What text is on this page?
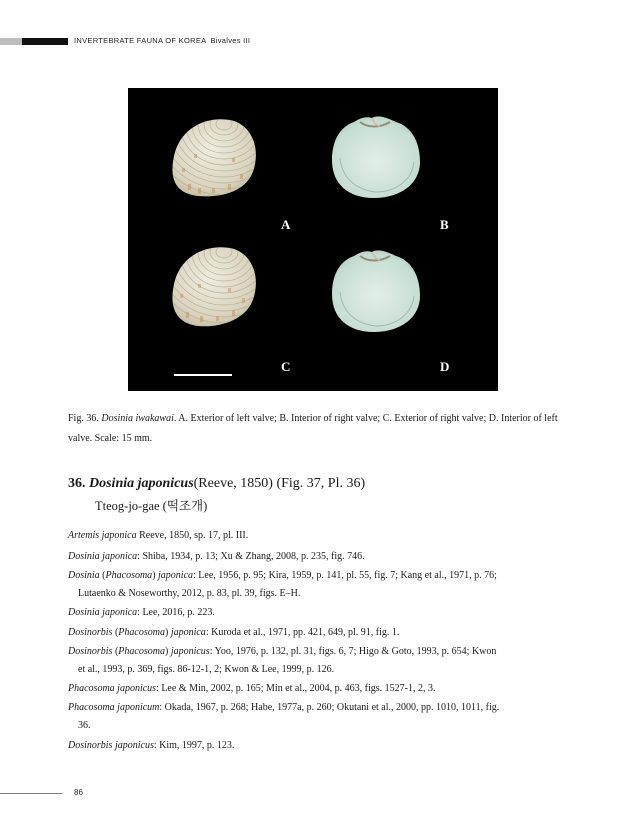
INVERTEBRATE FAUNA OF KOREA Bivalves III
A	B
C	D
Fig. 36. Dosinia iwakawai. A. Exterior of left valve; B. Interior of right valve; C. Exterior of right valve; D. Interior of left valve. Scale: 15 mm.
36. Dosinia japonicus(Reeve, 1850) (Fig. 37, Pl. 36)
Tteog-jo-gae (떡조개)
Artemis japonica Reeve, 1850, sp. 17, pl. III.
Dosinia japonica: Shiba, 1934, p. 13; Xu & Zhang, 2008, p. 235, fig. 746.
Dosinia (Phacosoma) japonica: Lee, 1956, p. 95; Kira, 1959, p. 141, pl. 55, fig. 7; Kang et al., 1971, p. 76;
Lutaenko & Noseworthy, 2012, p. 83, pl. 39, figs. E–H.
Dosinia japonica: Lee, 2016, p. 223.
Dosinorbis (Phacosoma) japonica: Kuroda et al., 1971, pp. 421, 649, pl. 91, fig. 1.
Dosinorbis (Phacosoma) japonicus: Yoo, 1976, p. 132, pl. 31, figs. 6, 7; Higo & Goto, 1993, p. 654; Kwon
et al., 1993, p. 369, figs. 86-12-1, 2; Kwon & Lee, 1999, p. 126.
Phacosoma japonicus: Lee & Min, 2002, p. 165; Min et al., 2004, p. 463, figs. 1527-1, 2, 3.
Phacosoma japonicum: Okada, 1967, p. 268; Habe, 1977a, p. 260; Okutani et al., 2000, pp. 1010, 1011, fig.
36.
Dosinorbis japonicus: Kim, 1997, p. 123.
86
